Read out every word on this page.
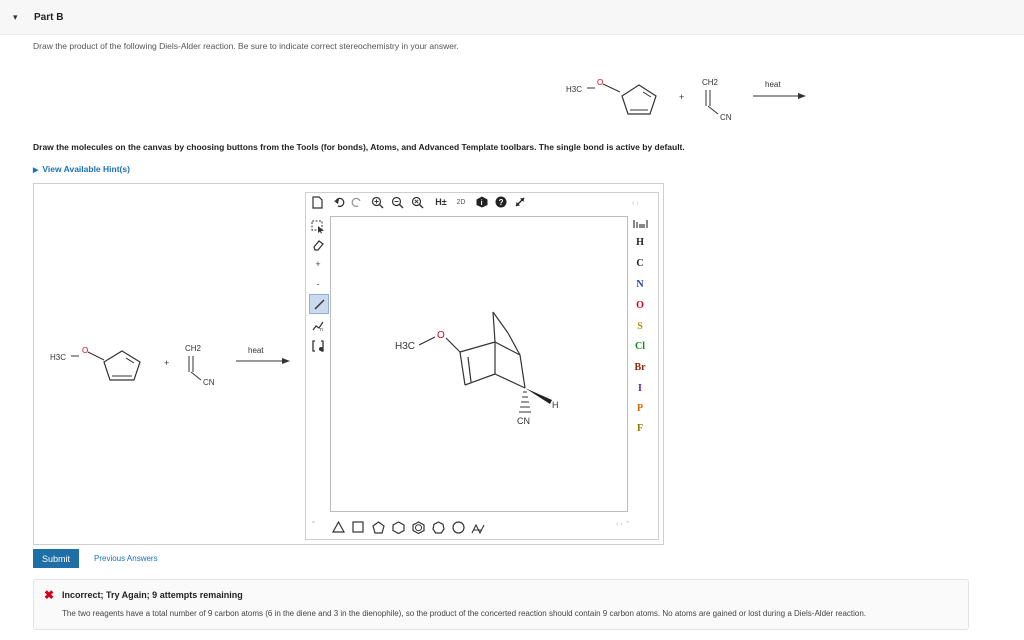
▾ Part B
Draw the product of the following Diels-Alder reaction. Be sure to indicate correct stereochemistry in your answer.
H3C
O
+
CH2
CN
heat
Draw the molecules on the canvas by choosing buttons from the Tools (for bonds), Atoms, and Advanced Template toolbars. The single bond is active by default.
▶ View Available Hint(s)
H3C
O
+
CH2
CN
heat
H±	2D	i ?
+
-
n
‹ ›
H
C
N
O
S
Cl
Br
I
P
F
H3C
O
H
CN
⌃	‹ › ⌃
Submit	Previous Answers
✖ Incorrect; Try Again; 9 attempts remaining
The two reagents have a total number of 9 carbon atoms (6 in the diene and 3 in the dienophile), so the product of the concerted reaction should contain 9 carbon atoms. No atoms are gained or lost during a Diels-Alder reaction.
